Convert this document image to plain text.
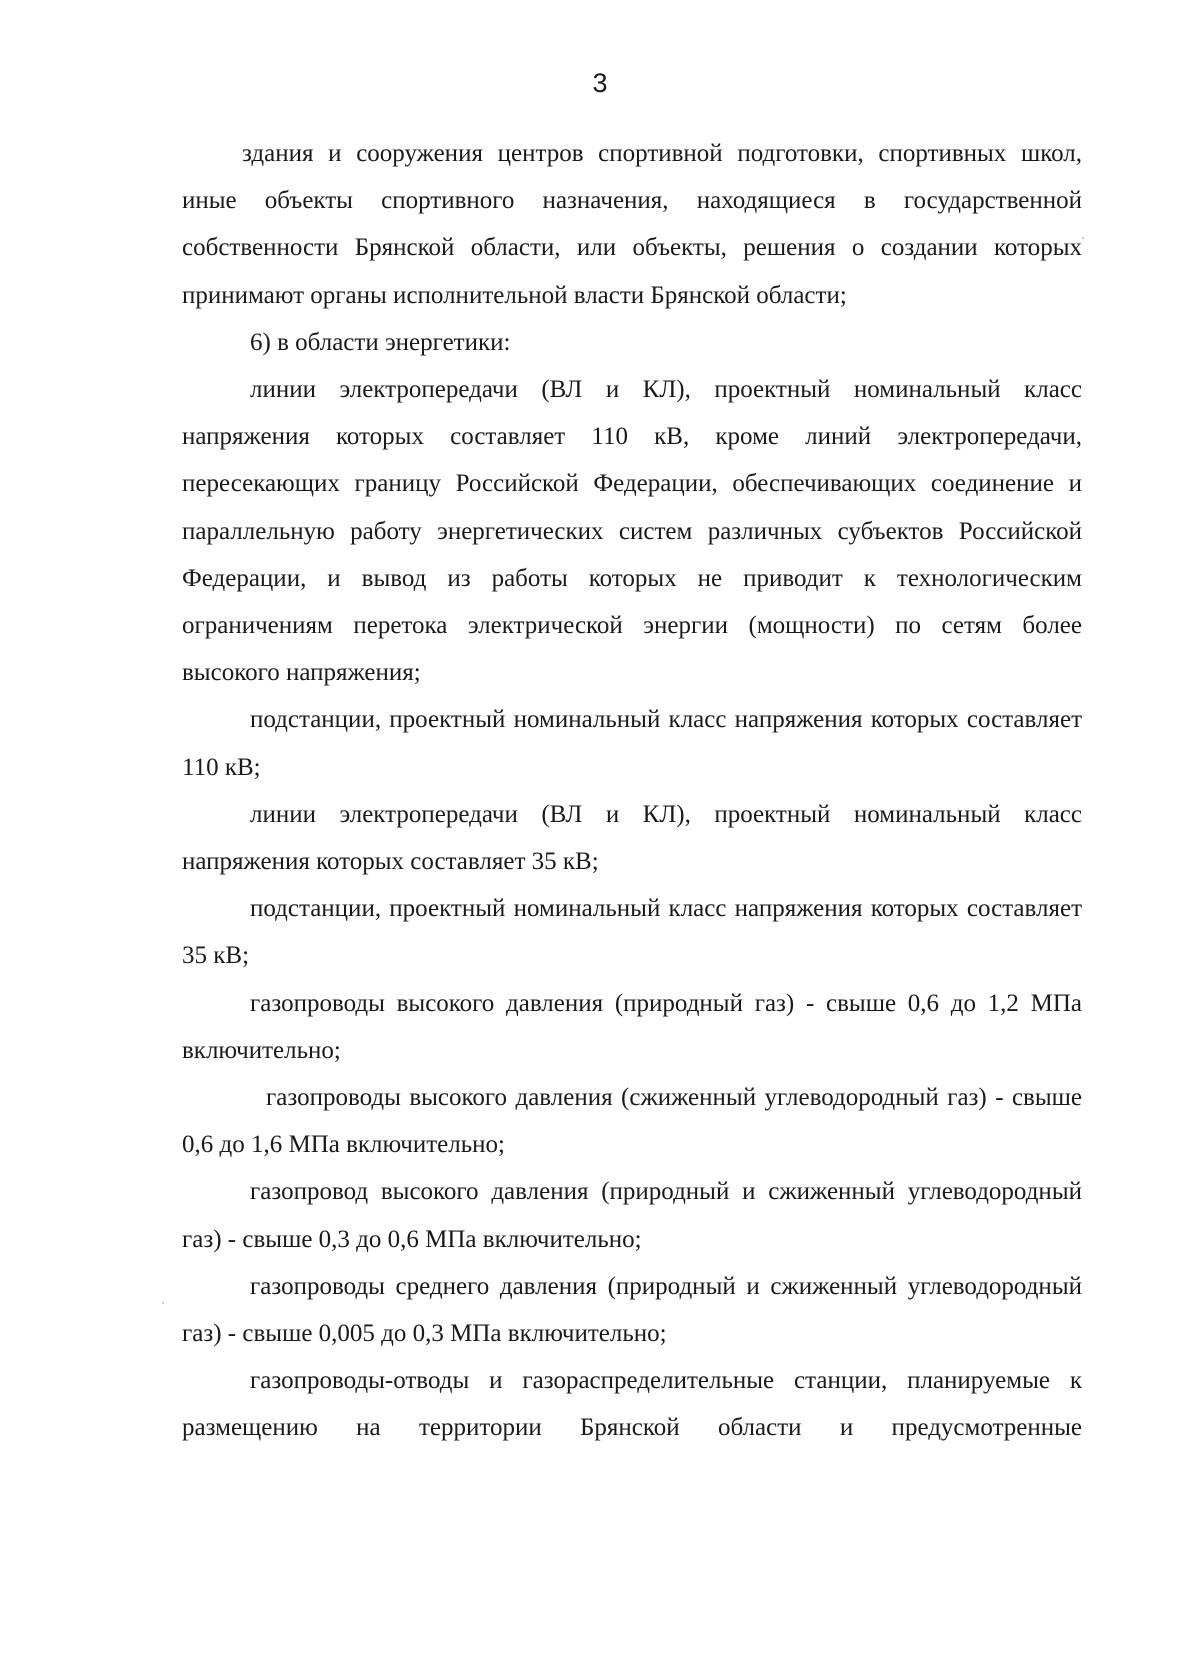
3

здания и сооружения центров спортивной подготовки, спортивных школ, иные объекты спортивного назначения, находящиеся в государственной собственности Брянской области, или объекты, решения о создании которых принимают органы исполнительной власти Брянской области;

6) в области энергетики:

линии электропередачи (ВЛ и КЛ), проектный номинальный класс напряжения которых составляет 110 кВ, кроме линий электропередачи, пересекающих границу Российской Федерации, обеспечивающих соединение и параллельную работу энергетических систем различных субъектов Российской Федерации, и вывод из работы которых не приводит к технологическим ограничениям перетока электрической энергии (мощности) по сетям более высокого напряжения;

подстанции, проектный номинальный класс напряжения которых составляет 110 кВ;

линии электропередачи (ВЛ и КЛ), проектный номинальный класс напряжения которых составляет 35 кВ;

подстанции, проектный номинальный класс напряжения которых составляет 35 кВ;

газопроводы высокого давления (природный газ) - свыше 0,6 до 1,2 МПа включительно;

газопроводы высокого давления (сжиженный углеводородный газ) - свыше 0,6 до 1,6 МПа включительно;

газопровод высокого давления (природный и сжиженный углеводородный газ) - свыше 0,3 до 0,6 МПа включительно;

газопроводы среднего давления (природный и сжиженный углеводородный газ) - свыше 0,005 до 0,3 МПа включительно;

газопроводы-отводы и газораспределительные станции, планируемые к размещению на территории Брянской области и предусмотренные
